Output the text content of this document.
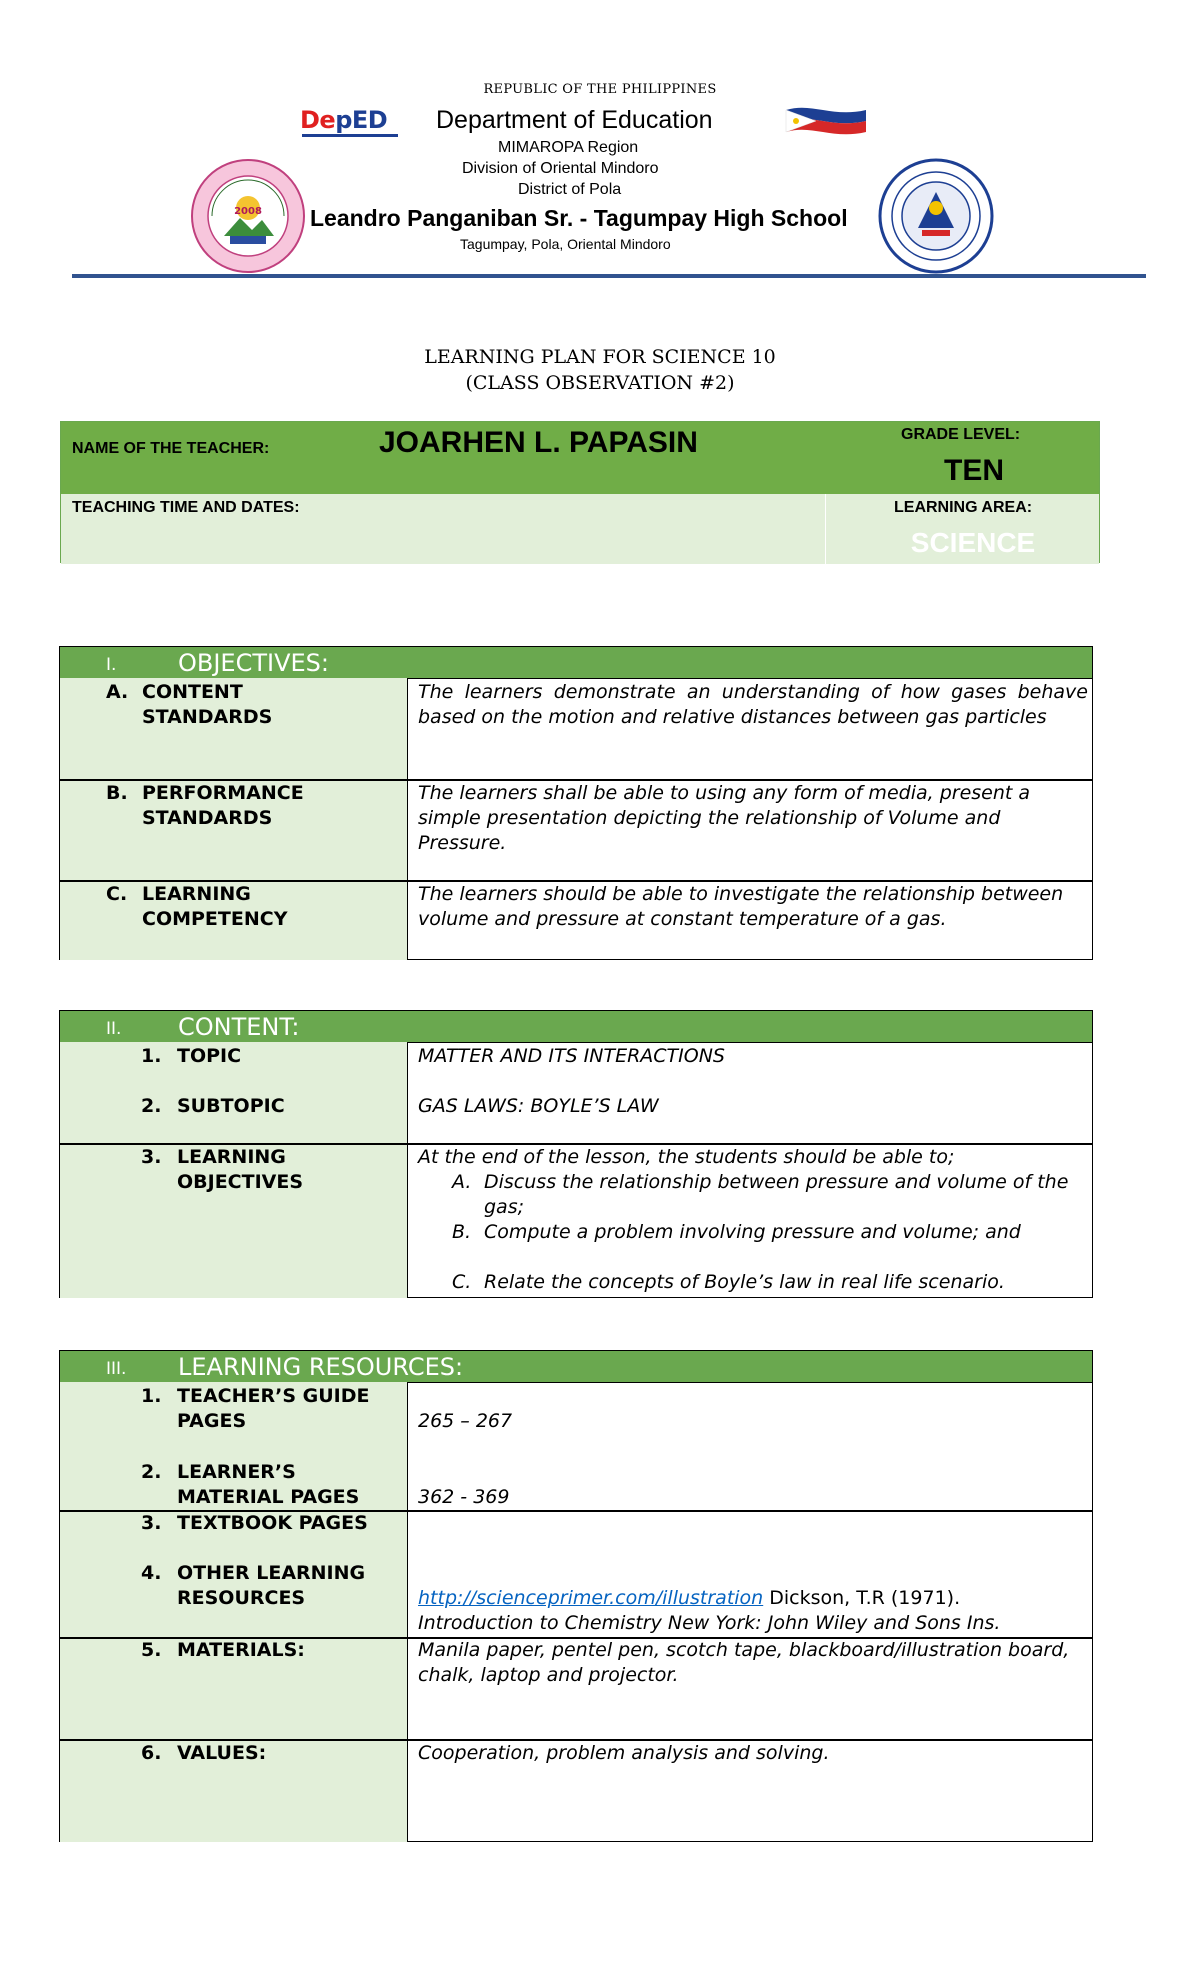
REPUBLIC OF THE PHILIPPINES
DepED	Department of Education
MIMAROPA Region
Division of Oriental Mindoro
District of Pola
Leandro Panganiban Sr. - Tagumpay High School
Tagumpay, Pola, Oriental Mindoro
2008
LEARNING PLAN FOR SCIENCE 10
(CLASS OBSERVATION #2)
NAME OF THE TEACHER:	JOARHEN L. PAPASIN	GRADE LEVEL:
TEN
TEACHING TIME AND DATES:	LEARNING AREA:
SCIENCE
I.	OBJECTIVES:
A. CONTENT
STANDARDS
The learners demonstrate an understanding of how gases behave based on the motion and relative distances between gas particles
B. PERFORMANCE
STANDARDS
The learners shall be able to using any form of media, present a simple presentation depicting the relationship of Volume and Pressure.
C. LEARNING
COMPETENCY
The learners should be able to investigate the relationship between volume and pressure at constant temperature of a gas.
II. CONTENT:
1. TOPIC	MATTER AND ITS INTERACTIONS
2. SUBTOPIC	GAS LAWS: BOYLE’S LAW
3. LEARNING
OBJECTIVES
At the end of the lesson, the students should be able to;
A. Discuss the relationship between pressure and volume of the gas;
B. Compute a problem involving pressure and volume; and
C. Relate the concepts of Boyle’s law in real life scenario.
III. LEARNING RESOURCES:
1. TEACHER’S GUIDE
PAGES	265 – 267
2. LEARNER’S
MATERIAL PAGES	362 - 369
3. TEXTBOOK PAGES
4. OTHER LEARNING
RESOURCES	http://scienceprimer.com/illustration Dickson, T.R (1971).
Introduction to Chemistry New York: John Wiley and Sons Ins.
5. MATERIALS:	Manila paper, pentel pen, scotch tape, blackboard/illustration board, chalk, laptop and projector.
6. VALUES:	Cooperation, problem analysis and solving.
